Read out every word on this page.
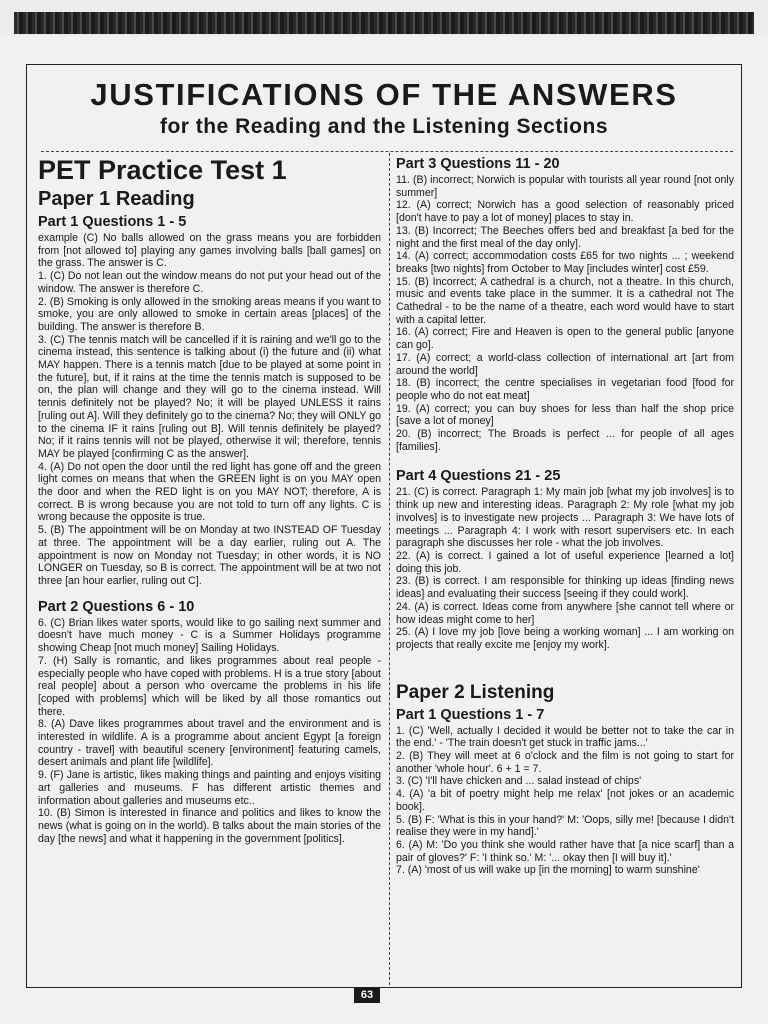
JUSTIFICATIONS OF THE ANSWERS
for the Reading and the Listening Sections
PET Practice Test 1
Paper 1 Reading
Part 1 Questions 1 - 5

example (C) No balls allowed on the grass means you are forbidden from [not allowed to] playing any games involving balls [ball games] on the grass. The answer is C.

1. (C) Do not lean out the window means do not put your head out of the window. The answer is therefore C.

2. (B) Smoking is only allowed in the smoking areas means if you want to smoke, you are only allowed to smoke in certain areas [places] of the building. The answer is therefore B.

3. (C) The tennis match will be cancelled if it is raining and we'll go to the cinema instead, this sentence is talking about (i) the future and (ii) what MAY happen. There is a tennis match [due to be played at some point in the future], but, if it rains at the time the tennis match is supposed to be on, the plan will change and they will go to the cinema instead. Will tennis definitely not be played? No; it will be played UNLESS it rains [ruling out A]. Will they definitely go to the cinema? No; they will ONLY go to the cinema IF it rains [ruling out B]. Will tennis definitely be played? No; if it rains tennis will not be played, otherwise it wil; therefore, tennis MAY be played [confirming C as the answer].

4. (A) Do not open the door until the red light has gone off and the green light comes on means that when the GREEN light is on you MAY open the door and when the RED light is on you MAY NOT; therefore, A is correct. B is wrong because you are not told to turn off any lights. C is wrong because the opposite is true.

5. (B) The appointment will be on Monday at two INSTEAD OF Tuesday at three. The appointment will be a day earlier, ruling out A. The appointment is now on Monday not Tuesday; in other words, it is NO LONGER on Tuesday, so B is correct. The appointment will be at two not three [an hour earlier, ruling out C].

Part 2 Questions 6 - 10

6. (C) Brian likes water sports, would like to go sailing next summer and doesn't have much money - C is a Summer Holidays programme showing Cheap [not much money] Sailing Holidays.

7. (H) Sally is romantic, and likes programmes about real people - especially people who have coped with problems. H is a true story [about real people] about a person who overcame the problems in his life [coped with problems] which will be liked by all those romantics out there.

8. (A) Dave likes programmes about travel and the environment and is interested in wildlife. A is a programme about ancient Egypt [a foreign country - travel] with beautiful scenery [environment] featuring camels, desert animals and plant life [wildlife].

9. (F) Jane is artistic, likes making things and painting and enjoys visiting art galleries and museums. F has different artistic themes and information about galleries and museums etc..

10. (B) Simon is interested in finance and politics and likes to know the news (what is going on in the world). B talks about the main stories of the day [the news] and what it happening in the government [politics].

Part 3 Questions 11 - 20

11. (B) incorrect; Norwich is popular with tourists all year round [not only summer]

12. (A) correct; Norwich has a good selection of reasonably priced [don't have to pay a lot of money] places to stay in.

13. (B) Incorrect; The Beeches offers bed and breakfast [a bed for the night and the first meal of the day only].

14. (A) correct; accommodation costs £65 for two nights ... ; weekend breaks [two nights] from October to May [includes winter] cost £59.

15. (B) Incorrect; A cathedral is a church, not a theatre. In this church, music and events take place in the summer. It is a cathedral not The Cathedral - to be the name of a theatre, each word would have to start with a capital letter.

16. (A) correct; Fire and Heaven is open to the general public [anyone can go].

17. (A) correct; a world-class collection of international art [art from around the world]

18. (B) incorrect; the centre specialises in vegetarian food [food for people who do not eat meat]

19. (A) correct; you can buy shoes for less than half the shop price [save a lot of money]

20. (B) incorrect; The Broads is perfect ... for people of all ages [families].

Part 4 Questions 21 - 25

21. (C) is correct. Paragraph 1: My main job [what my job involves] is to think up new and interesting ideas. Paragraph 2: My role [what my job involves] is to investigate new projects ... Paragraph 3: We have lots of meetings ... Paragraph 4: I work with resort supervisers etc. In each paragraph she discusses her role - what the job involves.

22. (A) is correct. I gained a lot of useful experience [learned a lot] doing this job.

23. (B) is correct. I am responsible for thinking up ideas [finding news ideas] and evaluating their success [seeing if they could work].

24. (A) is correct. Ideas come from anywhere [she cannot tell where or how ideas might come to her]

25. (A) I love my job [love being a working woman] ... I am working on projects that really excite me [enjoy my work].

Paper 2 Listening
Part 1 Questions 1 - 7

1. (C) 'Well, actually I decided it would be better not to take the car in the end.' - 'The train doesn't get stuck in traffic jams...'

2. (B) They will meet at 6 o'clock and the film is not going to start for another 'whole hour'. 6 + 1 = 7.

3. (C) 'I'll have chicken and ... salad instead of chips'

4. (A) 'a bit of poetry might help me relax' [not jokes or an academic book].

5. (B) F: 'What is this in your hand?' M: 'Oops, silly me! [because I didn't realise they were in my hand].'

6. (A) M: 'Do you think she would rather have that [a nice scarf] than a pair of gloves?' F: 'I think so.' M: '... okay then [I will buy it].'

7. (A) 'most of us will wake up [in the morning] to warm sunshine'

63
